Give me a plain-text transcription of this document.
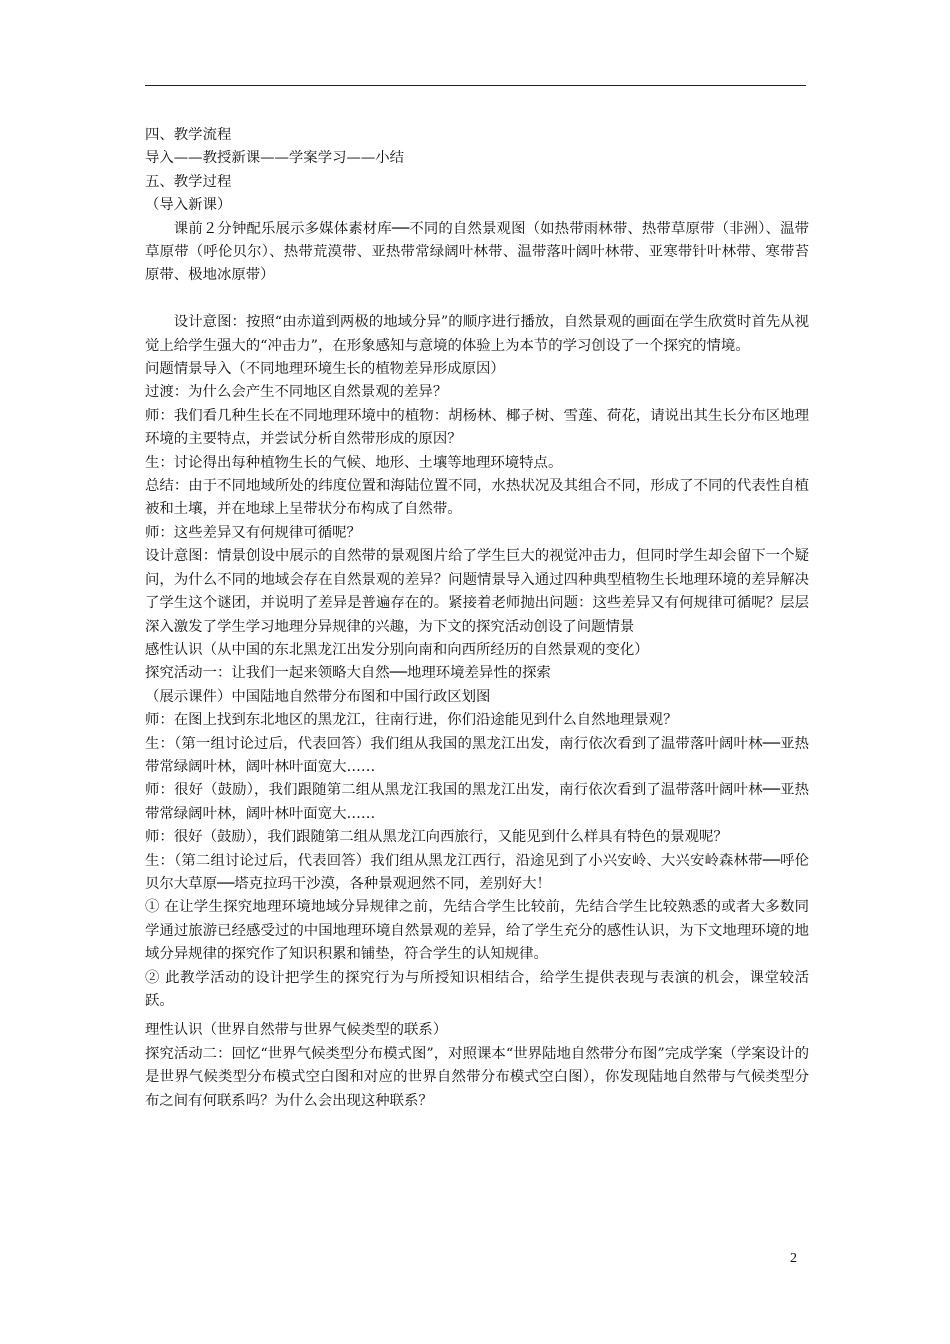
四、教学流程

导入——教授新课——学案学习——小结

五、教学过程

（导入新课）

课前２分钟配乐展示多媒体素材库──不同的自然景观图（如热带雨林带、热带草原带（非洲）、温带草原带（呼伦贝尔）、热带荒漠带、亚热带常绿阔叶林带、温带落叶阔叶林带、亚寒带针叶林带、寒带苔原带、极地冰原带）

设计意图：按照“由赤道到两极的地域分异”的顺序进行播放，自然景观的画面在学生欣赏时首先从视觉上给学生强大的“冲击力”，在形象感知与意境的体验上为本节的学习创设了一个探究的情境。

问题情景导入（不同地理环境生长的植物差异形成原因）

过渡：为什么会产生不同地区自然景观的差异？

师：我们看几种生长在不同地理环境中的植物：胡杨林、椰子树、雪莲、荷花，请说出其生长分布区地理环境的主要特点，并尝试分析自然带形成的原因？

生：讨论得出每种植物生长的气候、地形、土壤等地理环境特点。

总结：由于不同地域所处的纬度位置和海陆位置不同，水热状况及其组合不同，形成了不同的代表性自植被和土壤，并在地球上呈带状分布构成了自然带。

师：这些差异又有何规律可循呢？

设计意图：情景创设中展示的自然带的景观图片给了学生巨大的视觉冲击力，但同时学生却会留下一个疑问，为什么不同的地域会存在自然景观的差异？问题情景导入通过四种典型植物生长地理环境的差异解决了学生这个谜团，并说明了差异是普遍存在的。紧接着老师抛出问题：这些差异又有何规律可循呢？层层深入激发了学生学习地理分异规律的兴趣，为下文的探究活动创设了问题情景

感性认识（从中国的东北黑龙江出发分别向南和向西所经历的自然景观的变化）

探究活动一：让我们一起来领略大自然──地理环境差异性的探索

（展示课件）中国陆地自然带分布图和中国行政区划图

师：在图上找到东北地区的黑龙江，往南行进，你们沿途能见到什么自然地理景观？

生：（第一组讨论过后，代表回答）我们组从我国的黑龙江出发，南行依次看到了温带落叶阔叶林──亚热带常绿阔叶林，阔叶林叶面宽大……

师：很好（鼓励），我们跟随第二组从黑龙江我国的黑龙江出发，南行依次看到了温带落叶阔叶林──亚热带常绿阔叶林，阔叶林叶面宽大……

师：很好（鼓励），我们跟随第二组从黑龙江向西旅行，又能见到什么样具有特色的景观呢？

生：（第二组讨论过后，代表回答）我们组从黑龙江西行，沿途见到了小兴安岭、大兴安岭森林带──呼伦贝尔大草原──塔克拉玛干沙漠，各种景观迥然不同，差别好大！

① 在让学生探究地理环境地域分异规律之前，先结合学生比较前，先结合学生比较熟悉的或者大多数同学通过旅游已经感受过的中国地理环境自然景观的差异，给了学生充分的感性认识，为下文地理环境的地域分异规律的探究作了知识积累和铺垫，符合学生的认知规律。

② 此教学活动的设计把学生的探究行为与所授知识相结合，给学生提供表现与表演的机会，课堂较活跃。

理性认识（世界自然带与世界气候类型的联系）

探究活动二：回忆“世界气候类型分布模式图”，对照课本“世界陆地自然带分布图”完成学案（学案设计的是世界气候类型分布模式空白图和对应的世界自然带分布模式空白图），你发现陆地自然带与气候类型分布之间有何联系吗？为什么会出现这种联系？

2
